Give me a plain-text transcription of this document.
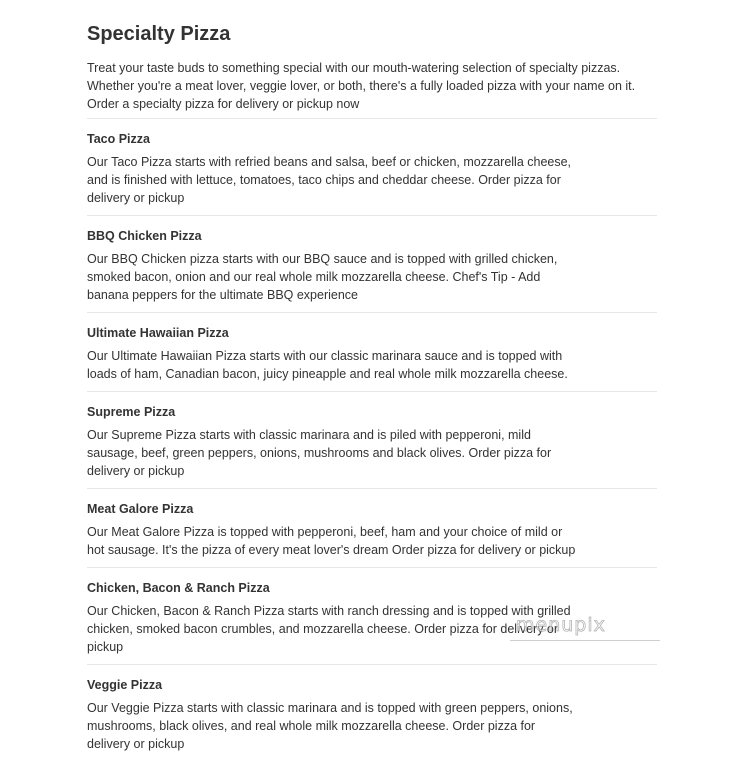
Specialty Pizza

Treat your taste buds to something special with our mouth-watering selection of specialty pizzas. Whether you're a meat lover, veggie lover, or both, there's a fully loaded pizza with your name on it. Order a specialty pizza for delivery or pickup now

Taco Pizza

Our Taco Pizza starts with refried beans and salsa, beef or chicken, mozzarella cheese, and is finished with lettuce, tomatoes, taco chips and cheddar cheese. Order pizza for delivery or pickup

BBQ Chicken Pizza

Our BBQ Chicken pizza starts with our BBQ sauce and is topped with grilled chicken, smoked bacon, onion and our real whole milk mozzarella cheese. Chef's Tip - Add banana peppers for the ultimate BBQ experience

Ultimate Hawaiian Pizza

Our Ultimate Hawaiian Pizza starts with our classic marinara sauce and is topped with loads of ham, Canadian bacon, juicy pineapple and real whole milk mozzarella cheese.

Supreme Pizza

Our Supreme Pizza starts with classic marinara and is piled with pepperoni, mild sausage, beef, green peppers, onions, mushrooms and black olives. Order pizza for delivery or pickup

Meat Galore Pizza

Our Meat Galore Pizza is topped with pepperoni, beef, ham and your choice of mild or hot sausage. It's the pizza of every meat lover's dream Order pizza for delivery or pickup

Chicken, Bacon & Ranch Pizza

Our Chicken, Bacon & Ranch Pizza starts with ranch dressing and is topped with grilled chicken, smoked bacon crumbles, and mozzarella cheese. Order pizza for delivery or pickup

Veggie Pizza

Our Veggie Pizza starts with classic marinara and is topped with green peppers, onions, mushrooms, black olives, and real whole milk mozzarella cheese. Order pizza for delivery or pickup

menupix
